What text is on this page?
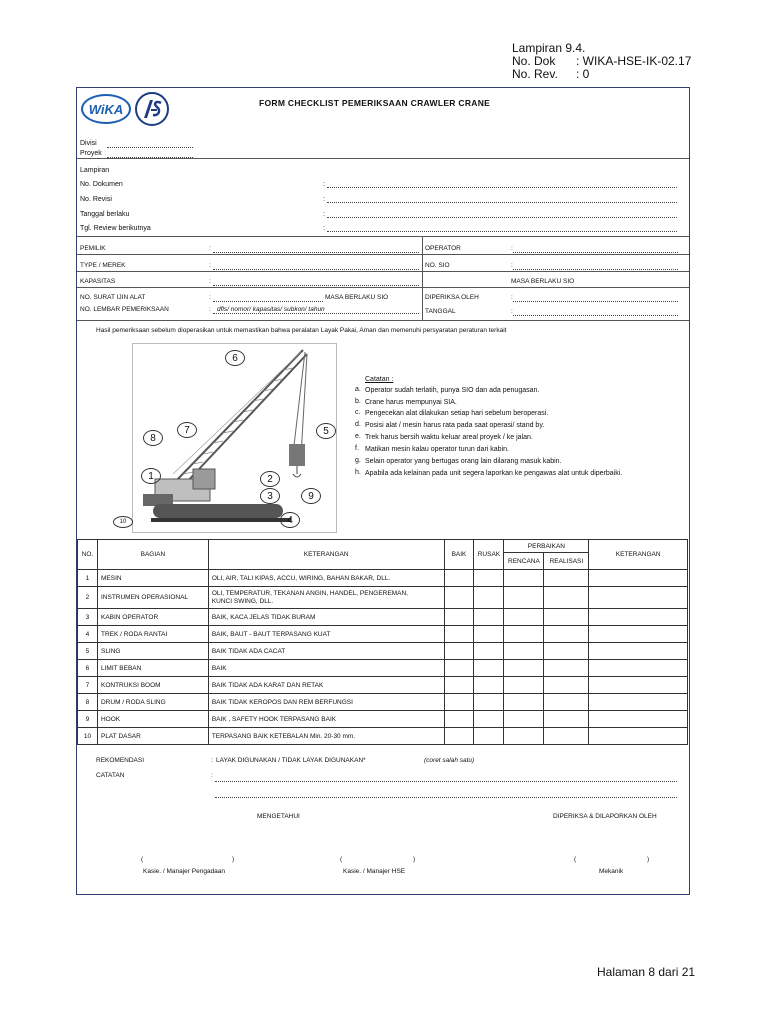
Lampiran 9.4.
No. Dok	: WIKA-HSE-IK-02.17
No. Rev.	: 0
WiKA	FORM CHECKLIST PEMERIKSAAN CRAWLER CRANE
Divisi
Proyek
Lampiran
No. Dokumen	:
No. Revisi	:
Tanggal berlaku	:
Tgl. Review berikutnya	:
PEMILIK	:
TYPE / MEREK	:
KAPASITAS	:
NO. SURAT IJIN ALAT	:	MASA BERLAKU SIO
NO. LEMBAR PEMERIKSAAN	: dfls/ nomor/ kapasitas/ subkon/ tahun
OPERATOR	:
NO. SIO	:
MASA BERLAKU SIO
DIPERIKSA OLEH	:
TANGGAL	:
Hasil pemeriksaan sebelum dioperasikan untuk memastikan bahwa peralatan Layak Pakai, Aman dan memenuhi persyaratan peraturan terkait
6
7
8
1
5
2
3	9
4
10
Catatan :
a. Operator sudah terlatih, punya SIO dan ada penugasan.
b. Crane harus mempunyai SIA.
c. Pengecekan alat dilakukan setiap hari sebelum beroperasi.
d. Posisi alat / mesin harus rata pada saat operasi/ stand by.
e. Trek harus bersih waktu keluar areal proyek / ke jalan.
f. Matikan mesin kalau operator turun dari kabin.
g. Selain operator yang bertugas orang lain dilarang masuk kabin.
h. Apabila ada kelainan pada unit segera laporkan ke pengawas alat untuk diperbaiki.
NO.	BAGIAN	KETERANGAN	BAIK	RUSAK	PERBAIKAN		KETERANGAN
					RENCANA	REALISASI	
1	MESIN	OLI, AIR, TALI KIPAS, ACCU, WIRING, BAHAN BAKAR, DLL.					
2	INSTRUMEN OPERASIONAL	OLI, TEMPERATUR, TEKANAN ANGIN, HANDEL, PENGEREMAN,
KUNCI SWING, DLL.					
3	KABIN OPERATOR	BAIK, KACA JELAS TIDAK BURAM					
4	TREK / RODA RANTAI	BAIK, BAUT - BAUT TERPASANG KUAT					
5	SLING	BAIK TIDAK ADA CACAT					
6	LIMIT BEBAN	BAIK					
7	KONTRUKSI BOOM	BAIK TIDAK ADA KARAT DAN RETAK					
8	DRUM / RODA SLING	BAIK TIDAK KEROPOS DAN REM BERFUNGSI					
9	HOOK	BAIK , SAFETY HOOK TERPASANG BAIK					
10	PLAT DASAR	TERPASANG BAIK KETEBALAN Min. 20-30 mm.					
REKOMENDASI	: LAYAK DIGUNAKAN / TIDAK LAYAK DIGUNAKAN*	(coret salah satu)
CATATAN	:
MENGETAHUI	DIPERIKSA & DILAPORKAN OLEH
(	)	(	)	(	)
Kasie. / Manajer Pengadaan	Kasie. / Manajer HSE	Mekanik
Halaman 8 dari 21
